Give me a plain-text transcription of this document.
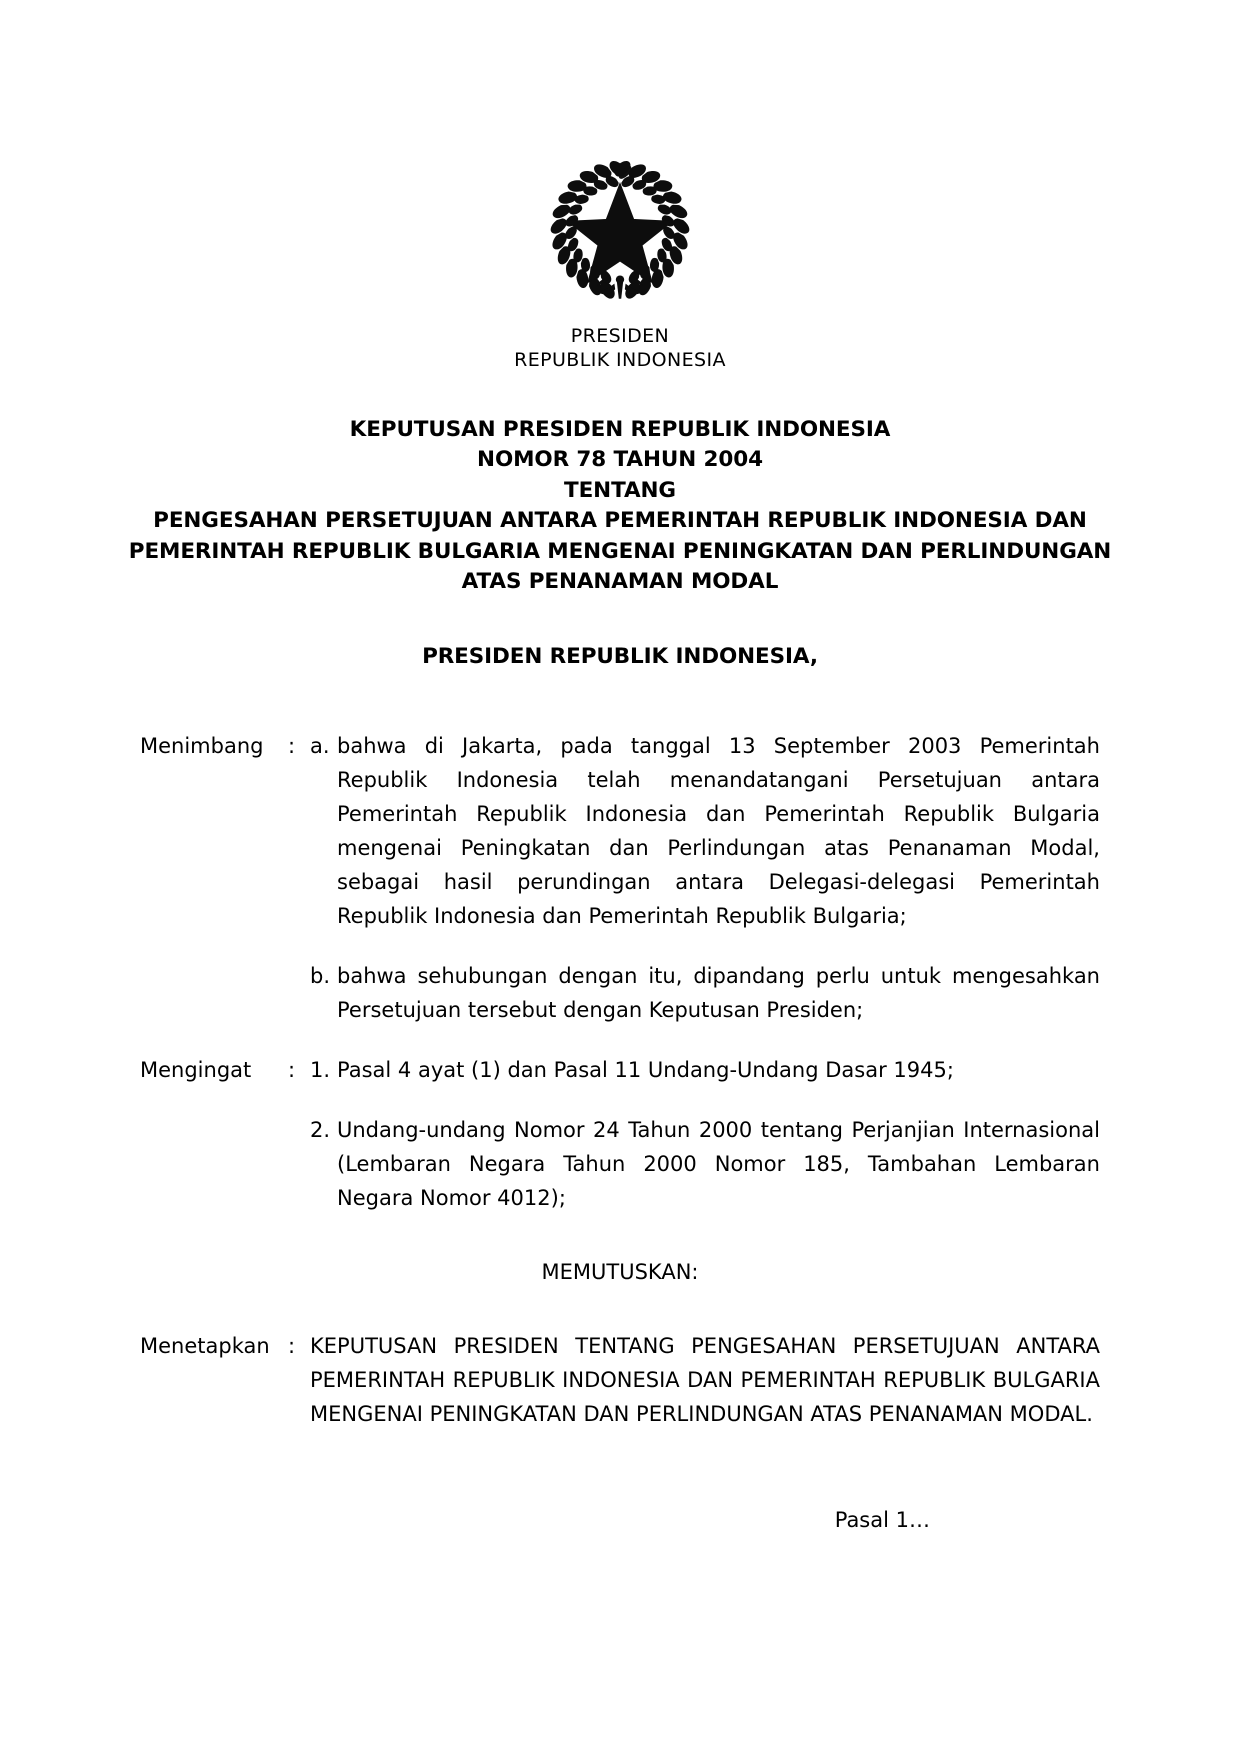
PRESIDEN
REPUBLIK INDONESIA
KEPUTUSAN PRESIDEN REPUBLIK INDONESIA
NOMOR 78 TAHUN 2004
TENTANG
PENGESAHAN PERSETUJUAN ANTARA PEMERINTAH REPUBLIK INDONESIA DAN
PEMERINTAH REPUBLIK BULGARIA MENGENAI PENINGKATAN DAN PERLINDUNGAN
ATAS PENANAMAN MODAL
PRESIDEN REPUBLIK INDONESIA,
Menimbang	: a. bahwa di Jakarta, pada tanggal 13 September 2003 Pemerintah Republik Indonesia telah menandatangani Persetujuan antara Pemerintah Republik Indonesia dan Pemerintah Republik Bulgaria mengenai Peningkatan dan Perlindungan atas Penanaman Modal, sebagai hasil perundingan antara Delegasi-delegasi Pemerintah Republik Indonesia dan Pemerintah Republik Bulgaria;
b. bahwa sehubungan dengan itu, dipandang perlu untuk mengesahkan Persetujuan tersebut dengan Keputusan Presiden;
Mengingat	: 1. Pasal 4 ayat (1) dan Pasal 11 Undang-Undang Dasar 1945;
2. Undang-undang Nomor 24 Tahun 2000 tentang Perjanjian Internasional (Lembaran Negara Tahun 2000 Nomor 185, Tambahan Lembaran Negara Nomor 4012);
MEMUTUSKAN:
Menetapkan : KEPUTUSAN PRESIDEN TENTANG PENGESAHAN PERSETUJUAN ANTARA PEMERINTAH REPUBLIK INDONESIA DAN PEMERINTAH REPUBLIK BULGARIA MENGENAI PENINGKATAN DAN PERLINDUNGAN ATAS PENANAMAN MODAL.
Pasal 1…
